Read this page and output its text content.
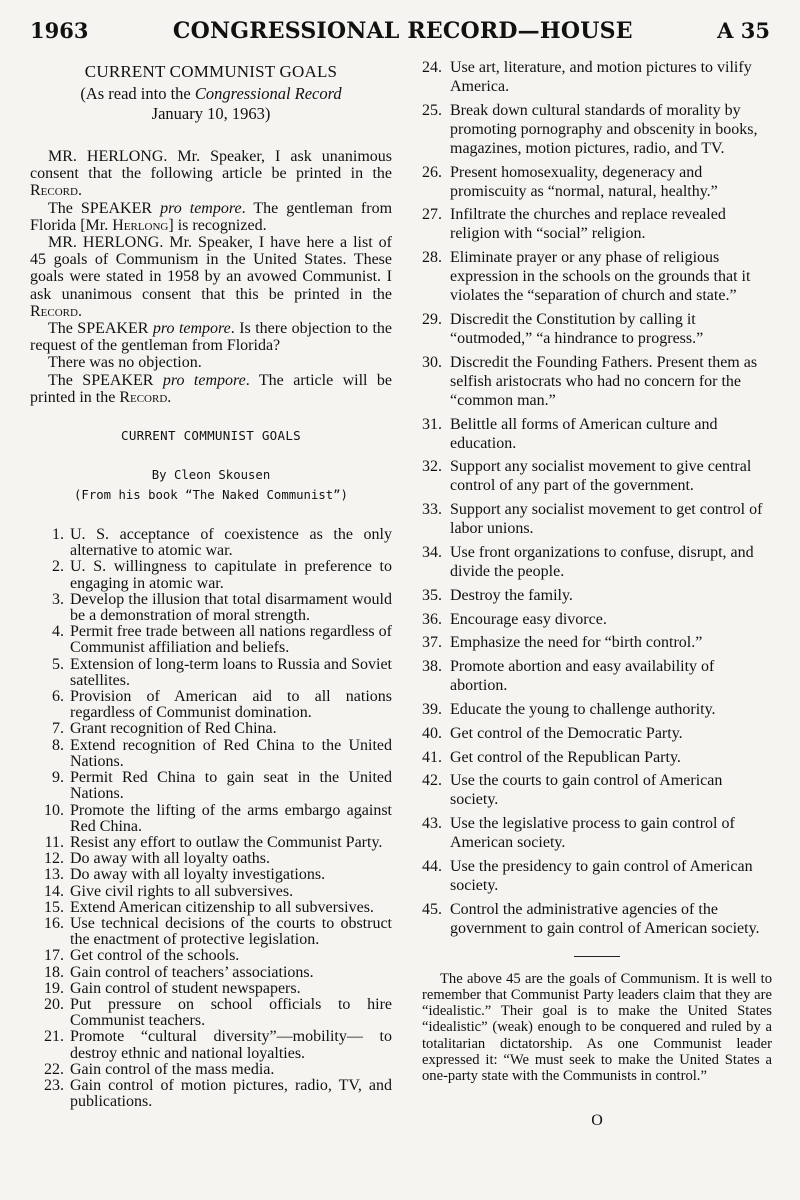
1963	CONGRESSIONAL RECORD—HOUSE	A 35
CURRENT COMMUNIST GOALS
(As read into the Congressional Record
January 10, 1963)

MR. HERLONG. Mr. Speaker, I ask unanimous consent that the following article be printed in the Record.

The SPEAKER pro tempore. The gentleman from Florida [Mr. Herlong] is recognized.

MR. HERLONG. Mr. Speaker, I have here a list of 45 goals of Communism in the United States. These goals were stated in 1958 by an avowed Communist. I ask unanimous consent that this be printed in the Record.

The SPEAKER pro tempore. Is there objection to the request of the gentleman from Florida?

There was no objection.

The SPEAKER pro tempore. The article will be printed in the Record.

CURRENT COMMUNIST GOALS
By Cleon Skousen
(From his book “The Naked Communist”)
1. U. S. acceptance of coexistence as the only alternative to atomic war.
2. U. S. willingness to capitulate in preference to engaging in atomic war.
3. Develop the illusion that total disarmament would be a demonstration of moral strength.
4. Permit free trade between all nations regardless of Communist affiliation and beliefs.
5. Extension of long-term loans to Russia and Soviet satellites.
6. Provision of American aid to all nations regardless of Communist domination.
7. Grant recognition of Red China.
8. Extend recognition of Red China to the United Nations.
9. Permit Red China to gain seat in the United Nations.
10. Promote the lifting of the arms embargo against Red China.
11. Resist any effort to outlaw the Communist Party.
12. Do away with all loyalty oaths.
13. Do away with all loyalty investigations.
14. Give civil rights to all subversives.
15. Extend American citizenship to all subversives.
16. Use technical decisions of the courts to obstruct the enactment of protective legislation.
17. Get control of the schools.
18. Gain control of teachers’ associations.
19. Gain control of student newspapers.
20. Put pressure on school officials to hire Communist teachers.
21. Promote “cultural diversity”—mobility— to destroy ethnic and national loyalties.
22. Gain control of the mass media.
23. Gain control of motion pictures, radio, TV, and publications.
24. Use art, literature, and motion pictures to vilify America.
25. Break down cultural standards of morality by promoting pornography and obscenity in books, magazines, motion pictures, radio, and TV.
26. Present homosexuality, degeneracy and promiscuity as “normal, natural, healthy.”
27. Infiltrate the churches and replace revealed religion with “social” religion.
28. Eliminate prayer or any phase of religious expression in the schools on the grounds that it violates the “separation of church and state.”
29. Discredit the Constitution by calling it “outmoded,” “a hindrance to progress.”
30. Discredit the Founding Fathers. Present them as selfish aristocrats who had no concern for the “common man.”
31. Belittle all forms of American culture and education.
32. Support any socialist movement to give central control of any part of the government.
33. Support any socialist movement to get control of labor unions.
34. Use front organizations to confuse, disrupt, and divide the people.
35. Destroy the family.
36. Encourage easy divorce.
37. Emphasize the need for “birth control.”
38. Promote abortion and easy availability of abortion.
39. Educate the young to challenge authority.
40. Get control of the Democratic Party.
41. Get control of the Republican Party.
42. Use the courts to gain control of American society.
43. Use the legislative process to gain control of American society.
44. Use the presidency to gain control of American society.
45. Control the administrative agencies of the government to gain control of American society.

The above 45 are the goals of Communism. It is well to remember that Communist Party leaders claim that they are “idealistic.” Their goal is to make the United States “idealistic” (weak) enough to be conquered and ruled by a totalitarian dictatorship. As one Communist leader expressed it: “We must seek to make the United States a one-party state with the Communists in control.”

O
